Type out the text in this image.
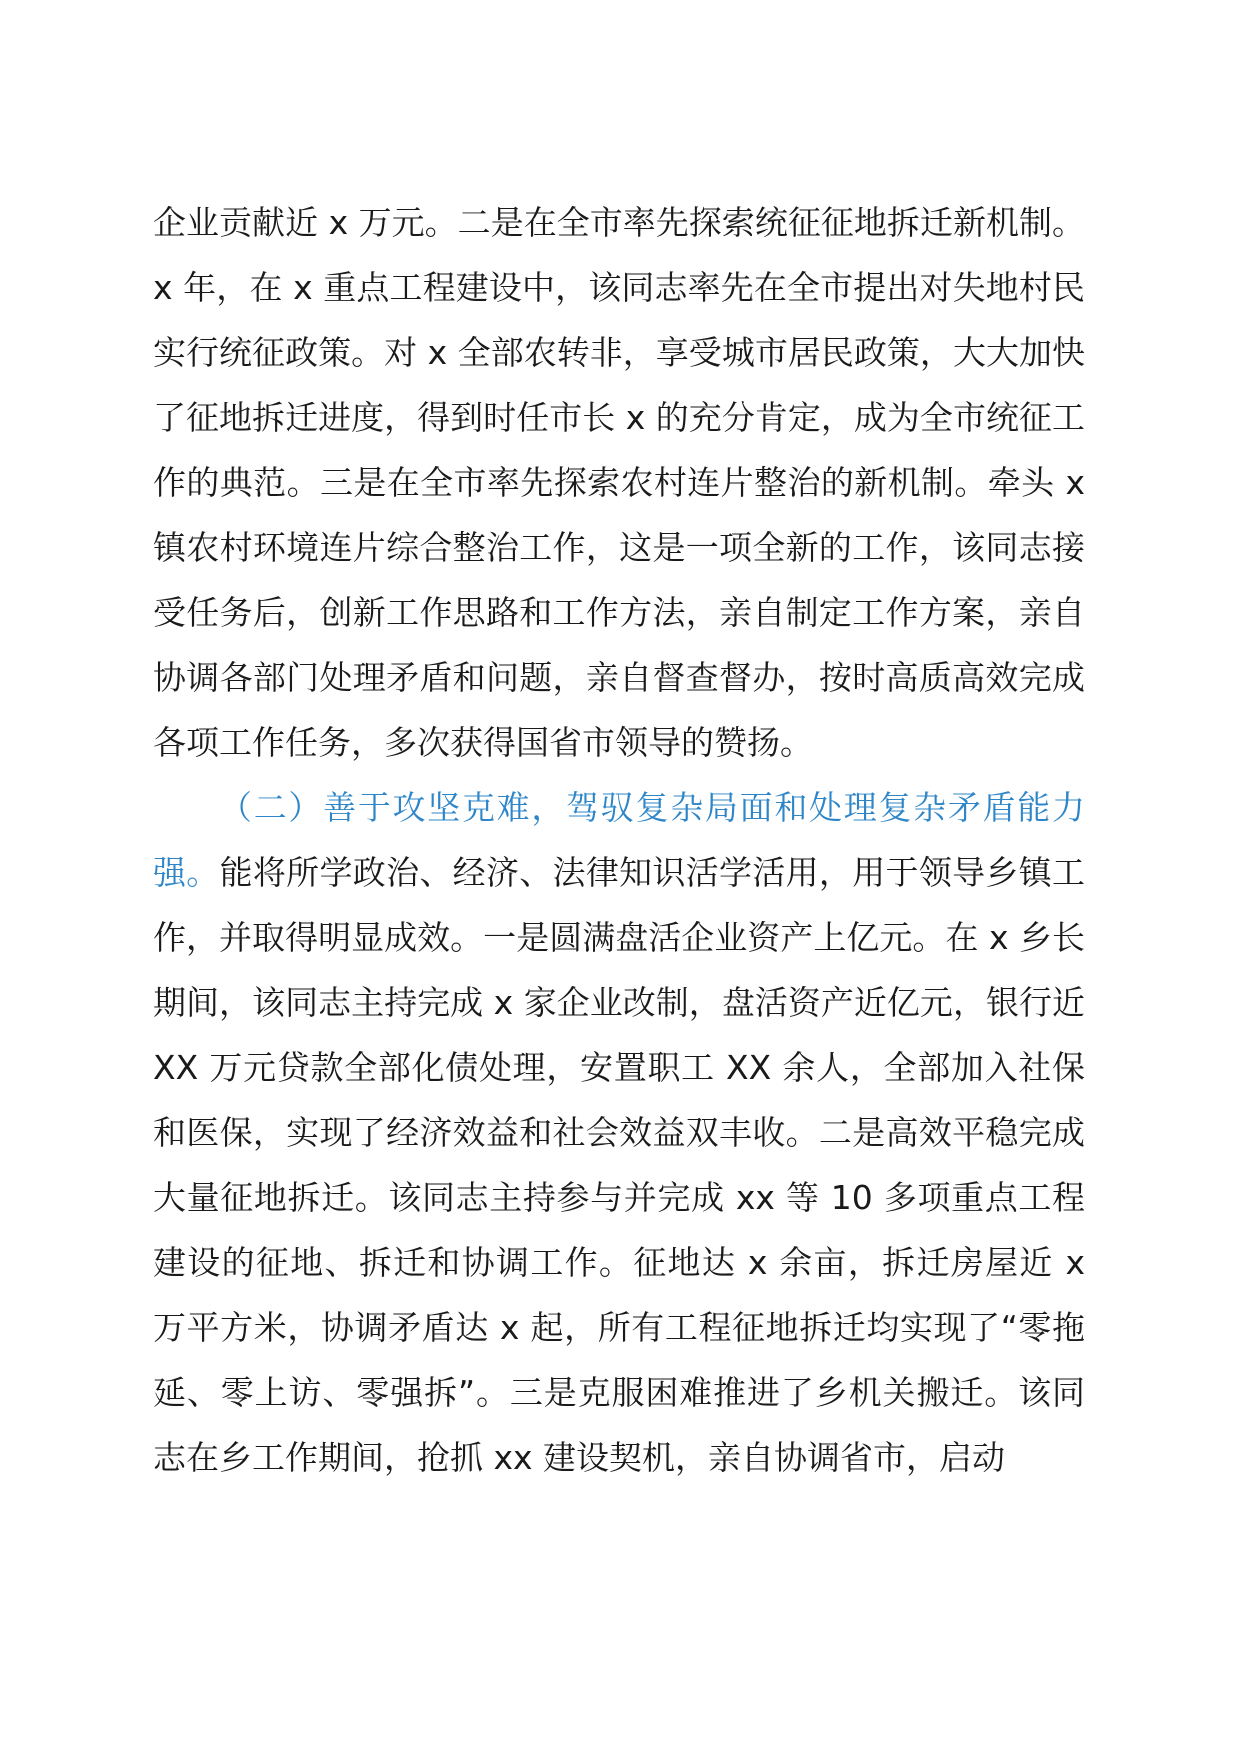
企业贡献近 x 万元。二是在全市率先探索统征征地拆迁新机制。x 年，在 x 重点工程建设中，该同志率先在全市提出对失地村民实行统征政策。对 x 全部农转非，享受城市居民政策，大大加快了征地拆迁进度，得到时任市长 x 的充分肯定，成为全市统征工作的典范。三是在全市率先探索农村连片整治的新机制。牵头 x 镇农村环境连片综合整治工作，这是一项全新的工作，该同志接受任务后，创新工作思路和工作方法，亲自制定工作方案，亲自协调各部门处理矛盾和问题，亲自督查督办，按时高质高效完成各项工作任务，多次获得国省市领导的赞扬。

（二）善于攻坚克难，驾驭复杂局面和处理复杂矛盾能力强。能将所学政治、经济、法律知识活学活用，用于领导乡镇工作，并取得明显成效。一是圆满盘活企业资产上亿元。在 x 乡长期间，该同志主持完成 x 家企业改制，盘活资产近亿元，银行近 XX 万元贷款全部化债处理，安置职工 XX 余人，全部加入社保和医保，实现了经济效益和社会效益双丰收。二是高效平稳完成大量征地拆迁。该同志主持参与并完成 xx 等 10 多项重点工程建设的征地、拆迁和协调工作。征地达 x 余亩，拆迁房屋近 x 万平方米，协调矛盾达 x 起，所有工程征地拆迁均实现了“零拖延、零上访、零强拆”。三是克服困难推进了乡机关搬迁。该同志在乡工作期间，抢抓 xx 建设契机，亲自协调省市，启动
